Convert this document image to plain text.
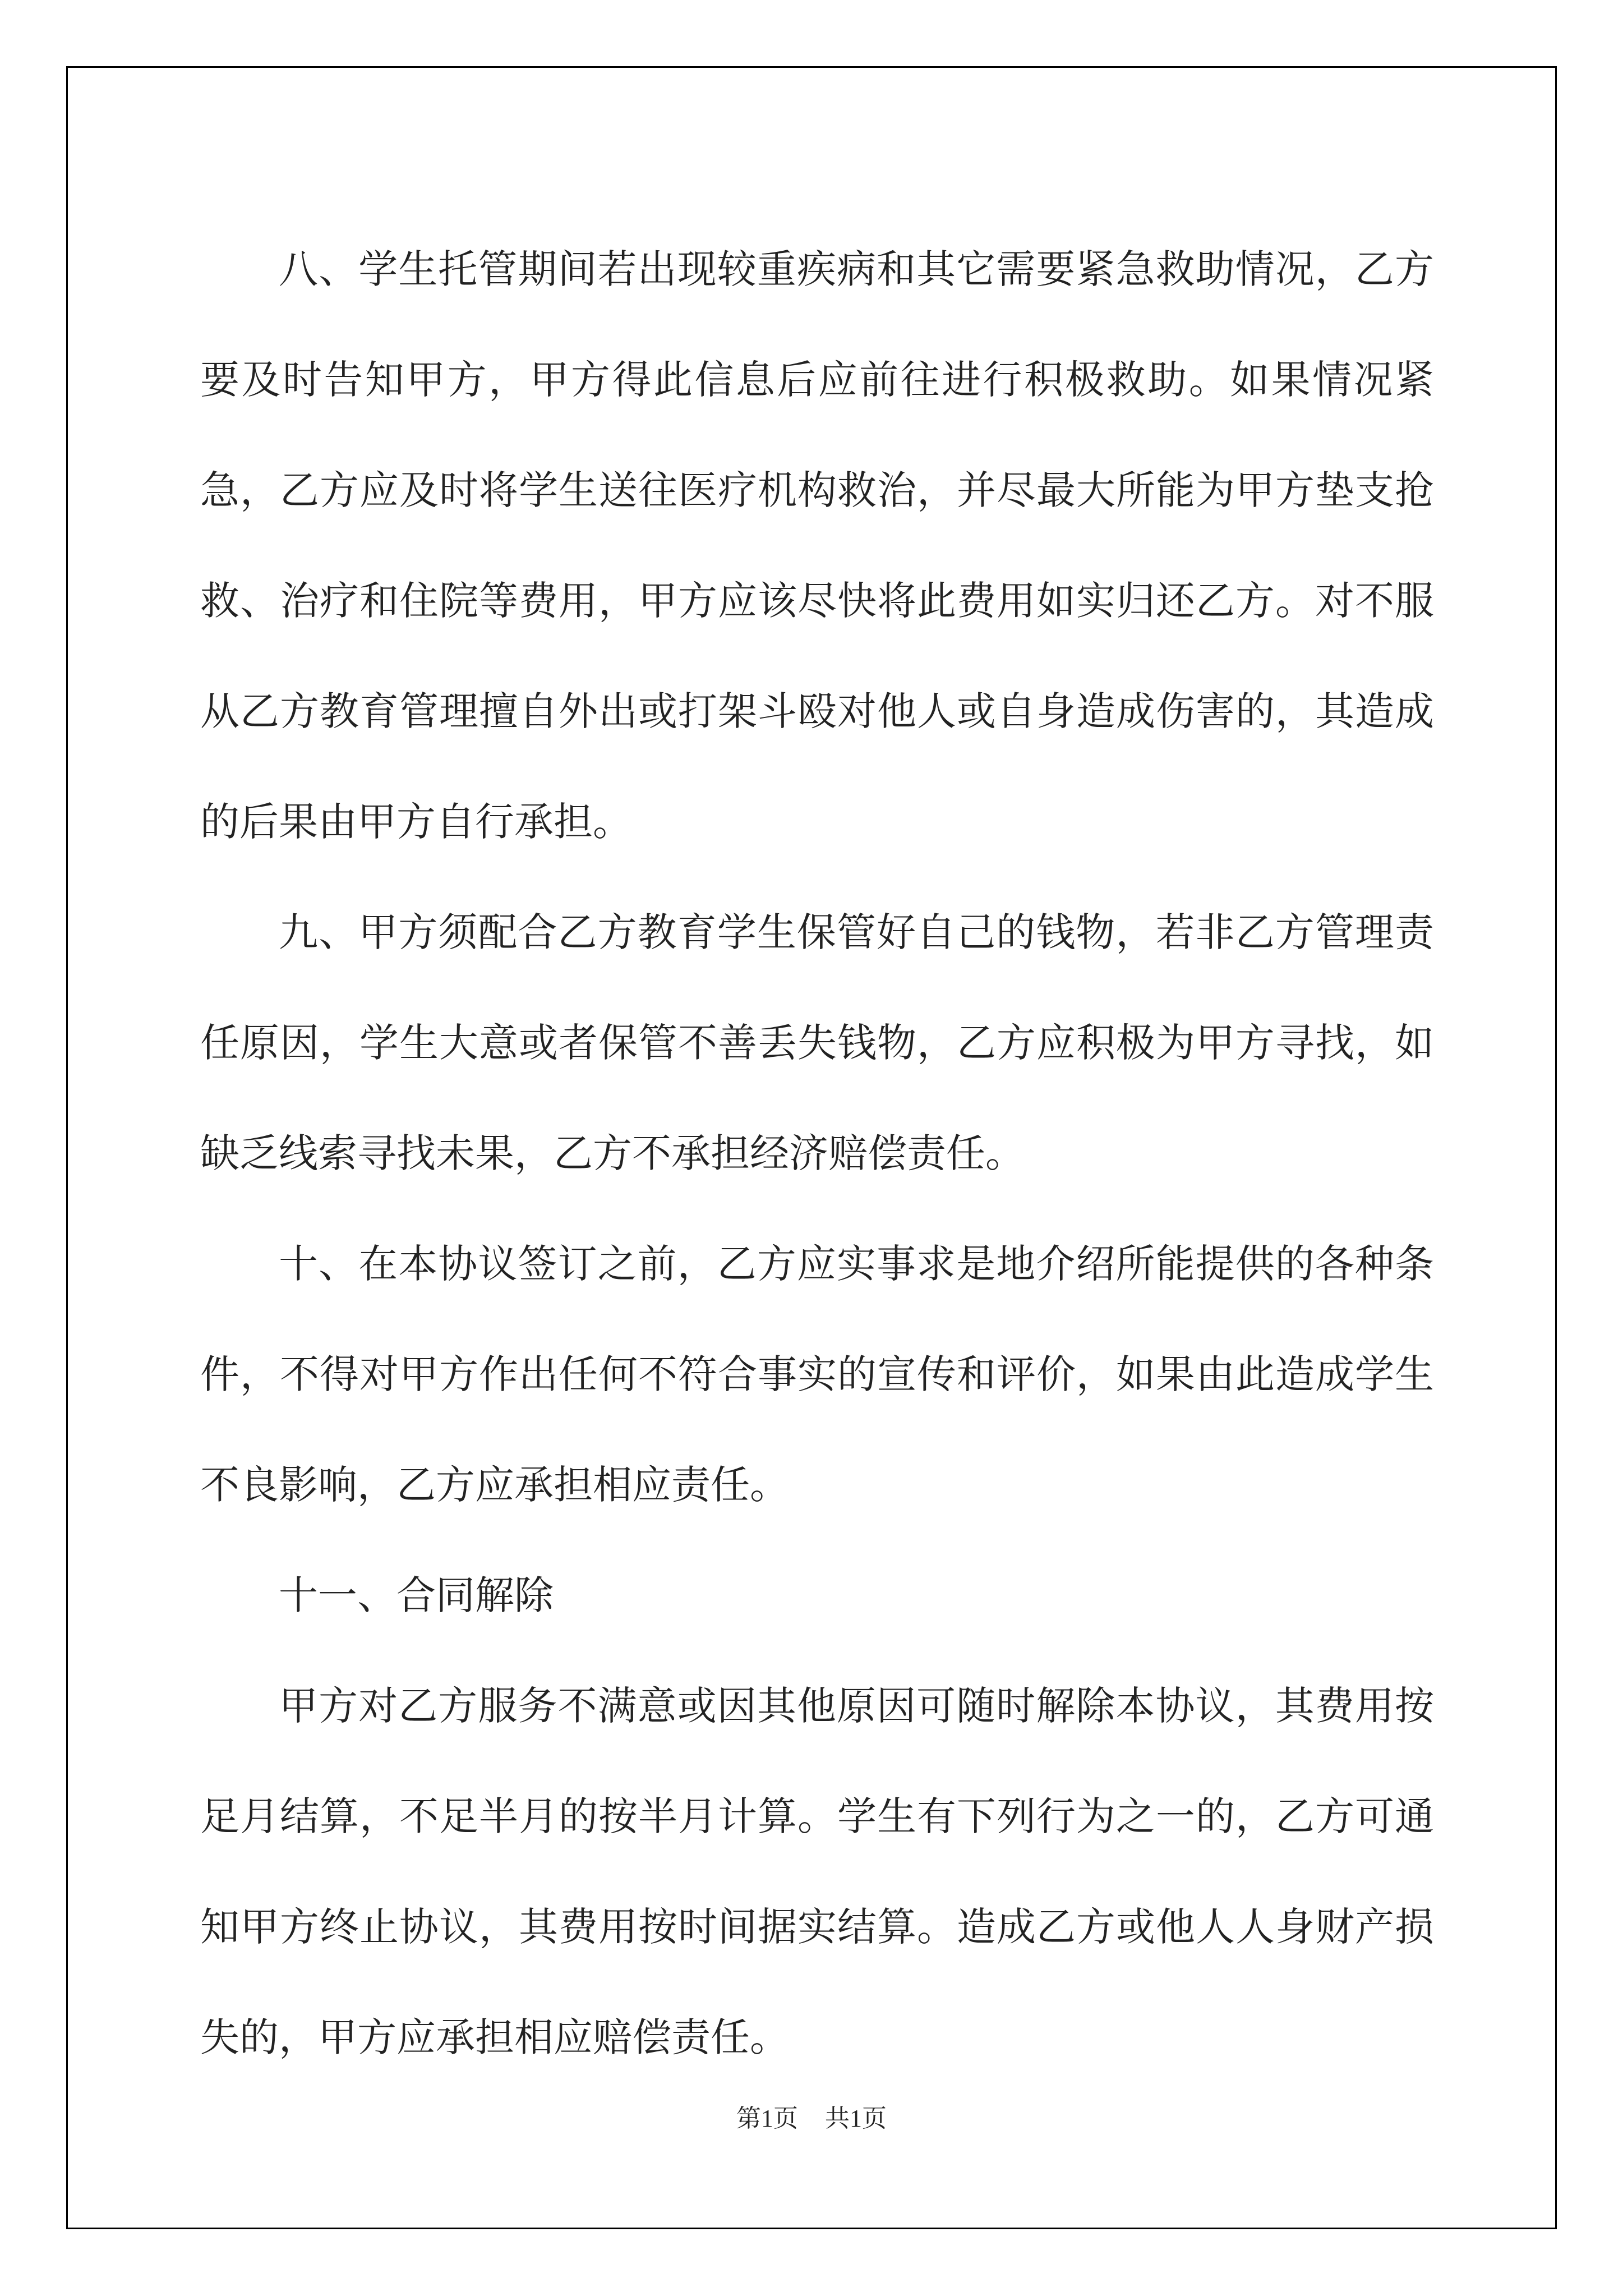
八、学生托管期间若出现较重疾病和其它需要紧急救助情况，乙方要及时告知甲方，甲方得此信息后应前往进行积极救助。如果情况紧急，乙方应及时将学生送往医疗机构救治，并尽最大所能为甲方垫支抢救、治疗和住院等费用，甲方应该尽快将此费用如实归还乙方。对不服从乙方教育管理擅自外出或打架斗殴对他人或自身造成伤害的，其造成的后果由甲方自行承担。

九、甲方须配合乙方教育学生保管好自己的钱物，若非乙方管理责任原因，学生大意或者保管不善丢失钱物，乙方应积极为甲方寻找，如缺乏线索寻找未果，乙方不承担经济赔偿责任。

十、在本协议签订之前，乙方应实事求是地介绍所能提供的各种条件，不得对甲方作出任何不符合事实的宣传和评价，如果由此造成学生不良影响，乙方应承担相应责任。

十一、合同解除

甲方对乙方服务不满意或因其他原因可随时解除本协议，其费用按足月结算，不足半月的按半月计算。学生有下列行为之一的，乙方可通知甲方终止协议，其费用按时间据实结算。造成乙方或他人人身财产损失的，甲方应承担相应赔偿责任。

第1页 共1页
